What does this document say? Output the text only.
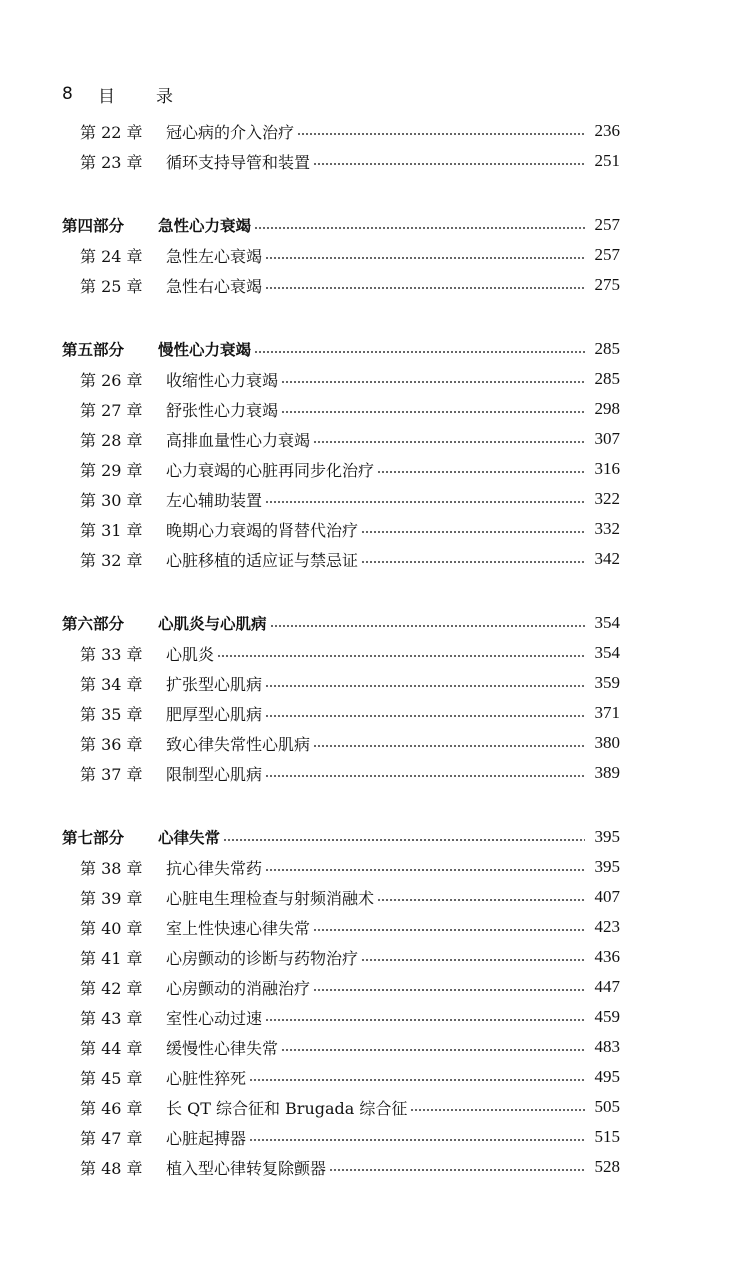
8	目	录
第 22 章	冠心病的介入治疗	236
第 23 章	循环支持导管和装置	251
第四部分	急性心力衰竭	257
第 24 章	急性左心衰竭	257
第 25 章	急性右心衰竭	275
第五部分	慢性心力衰竭	285
第 26 章	收缩性心力衰竭	285
第 27 章	舒张性心力衰竭	298
第 28 章	高排血量性心力衰竭	307
第 29 章	心力衰竭的心脏再同步化治疗	316
第 30 章	左心辅助装置	322
第 31 章	晚期心力衰竭的肾替代治疗	332
第 32 章	心脏移植的适应证与禁忌证	342
第六部分	心肌炎与心肌病	354
第 33 章	心肌炎	354
第 34 章	扩张型心肌病	359
第 35 章	肥厚型心肌病	371
第 36 章	致心律失常性心肌病	380
第 37 章	限制型心肌病	389
第七部分	心律失常	395
第 38 章	抗心律失常药	395
第 39 章	心脏电生理检查与射频消融术	407
第 40 章	室上性快速心律失常	423
第 41 章	心房颤动的诊断与药物治疗	436
第 42 章	心房颤动的消融治疗	447
第 43 章	室性心动过速	459
第 44 章	缓慢性心律失常	483
第 45 章	心脏性猝死	495
第 46 章	长 QT 综合征和 Brugada 综合征	505
第 47 章	心脏起搏器	515
第 48 章	植入型心律转复除颤器	528
